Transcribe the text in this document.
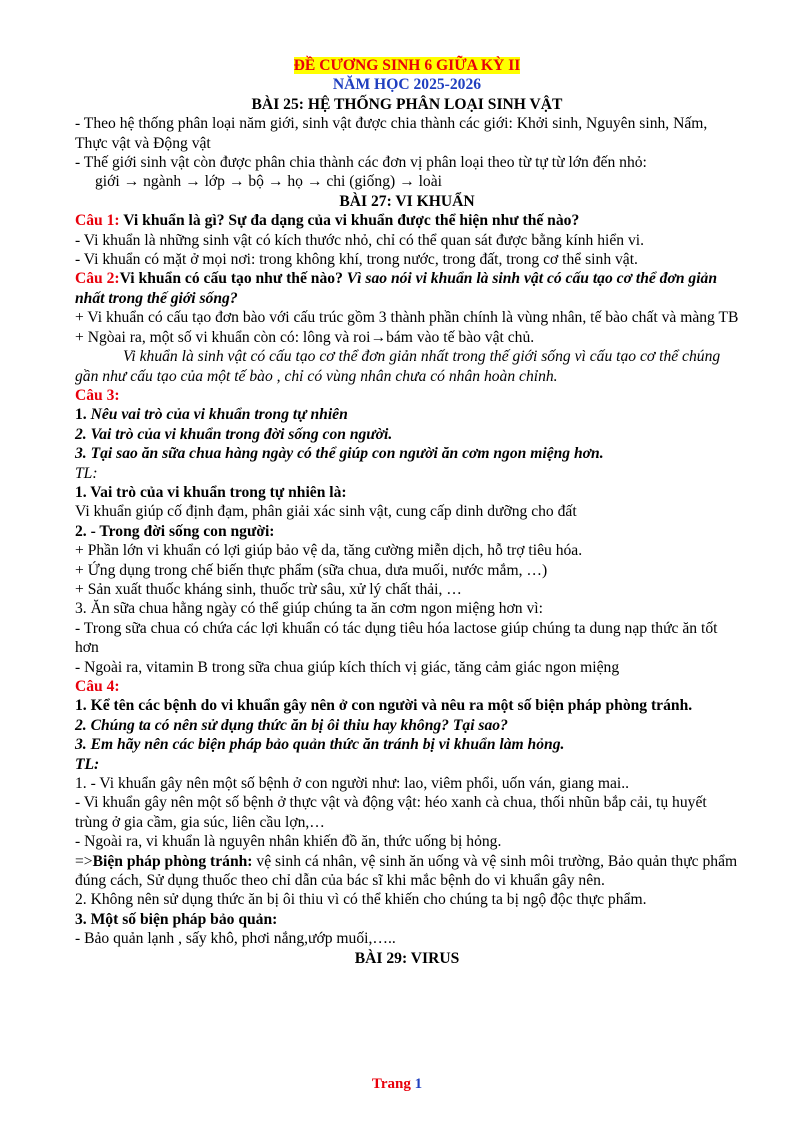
ĐỀ CƯƠNG SINH 6 GIỮA KỲ II

NĂM HỌC 2025-2026

BÀI 25: HỆ THỐNG PHÂN LOẠI SINH VẬT

- Theo hệ thống phân loại năm giới, sinh vật được chia thành các giới: Khởi sinh, Nguyên sinh, Nấm, Thực vật và Động vật

- Thế giới sinh vật còn được phân chia thành các đơn vị phân loại theo từ tự từ lớn đến nhỏ:

giới → ngành → lớp → bộ → họ → chi (giống) → loài

BÀI 27: VI KHUẨN

Câu 1: Vi khuẩn là gì? Sự đa dạng của vi khuẩn được thể hiện như thế nào?

- Vi khuẩn là những sinh vật có kích thước nhỏ, chỉ có thể quan sát được bằng kính hiển vi.

- Vi khuẩn có mặt ở mọi nơi: trong không khí, trong nước, trong đất, trong cơ thể sinh vật.

Câu 2:Vi khuẩn có cấu tạo như thế nào? Vì sao nói vi khuẩn là sinh vật có cấu tạo cơ thể đơn giản nhất trong thế giới sống?

+ Vi khuẩn có cấu tạo đơn bào với cấu trúc gồm 3 thành phần chính là vùng nhân, tế bào chất và màng TB

+ Ngòai ra, một số vi khuẩn còn có: lông và roi→bám vào tế bào vật chủ.

Vi khuẩn là sinh vật có cấu tạo cơ thể đơn giản nhất trong thế giới sống vì cấu tạo cơ thể chúng gần như cấu tạo của một tế bào , chỉ có vùng nhân chưa có nhân hoàn chỉnh.

Câu 3:

1. Nêu vai trò của vi khuẩn trong tự nhiên

2. Vai trò của vi khuẩn trong đời sống con người.

3. Tại sao ăn sữa chua hàng ngày có thể giúp con người ăn cơm ngon miệng hơn.

TL:

1. Vai trò của vi khuẩn trong tự nhiên là:

Vi khuẩn giúp cố định đạm, phân giải xác sinh vật, cung cấp dinh dưỡng cho đất

2. - Trong đời sống con người:

+ Phần lớn vi khuẩn có lợi giúp bảo vệ da, tăng cường miễn dịch, hỗ trợ tiêu hóa.

+ Ứng dụng trong chế biến thực phẩm (sữa chua, dưa muối, nước mắm, …)

+ Sản xuất thuốc kháng sinh, thuốc trừ sâu, xử lý chất thải, …

3. Ăn sữa chua hằng ngày có thể giúp chúng ta ăn cơm ngon miệng hơn vì:

- Trong sữa chua có chứa các lợi khuẩn có tác dụng tiêu hóa lactose giúp chúng ta dung nạp thức ăn tốt hơn

- Ngoài ra, vitamin B trong sữa chua giúp kích thích vị giác, tăng cảm giác ngon miệng

Câu 4:

1. Kể tên các bệnh do vi khuẩn gây nên ở con người và nêu ra một số biện pháp phòng tránh.

2. Chúng ta có nên sử dụng thức ăn bị ôi thiu hay không? Tại sao?

3. Em hãy nên các biện pháp bảo quản thức ăn tránh bị vi khuẩn làm hỏng.

TL:

1. - Vi khuẩn gây nên một số bệnh ở con người như: lao, viêm phổi, uốn ván, giang mai..

- Vi khuẩn gây nên một số bệnh ở thực vật và động vật: héo xanh cà chua, thối nhũn bắp cải, tụ huyết trùng ở gia cầm, gia súc, liên cầu lợn,…

- Ngoài ra, vi khuẩn là nguyên nhân khiến đồ ăn, thức uống bị hỏng.

=>Biện pháp phòng tránh: vệ sinh cá nhân, vệ sinh ăn uống và vệ sinh môi trường, Bảo quản thực phẩm đúng cách, Sử dụng thuốc theo chỉ dẫn của bác sĩ khi mắc bệnh do vi khuẩn gây nên.

2. Không nên sử dụng thức ăn bị ôi thiu vì có thể khiến cho chúng ta bị ngộ độc thực phẩm.

3. Một số biện pháp bảo quản:

- Bảo quản lạnh , sấy khô, phơi nắng,ướp muối,…..

BÀI 29: VIRUS

Trang 1
